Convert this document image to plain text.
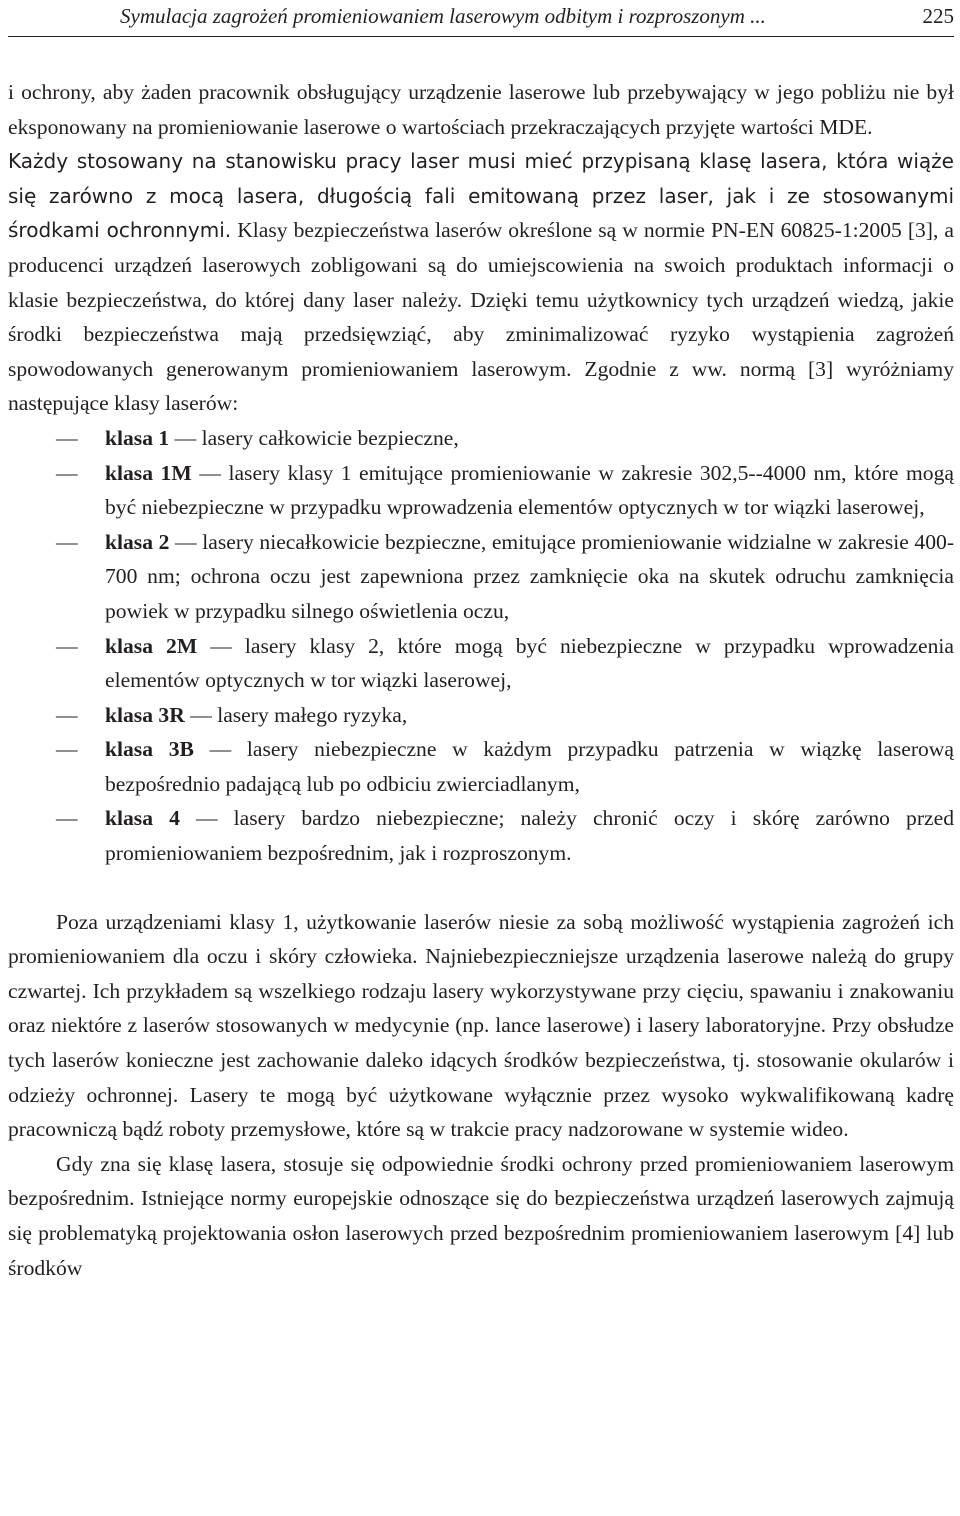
Symulacja zagrożeń promieniowaniem laserowym odbitym i rozproszonym ...	225

i ochrony, aby żaden pracownik obsługujący urządzenie laserowe lub przebywający w jego pobliżu nie był eksponowany na promieniowanie laserowe o wartościach przekraczających przyjęte wartości MDE.
Każdy stosowany na stanowisku pracy laser musi mieć przypisaną klasę lasera, która wiąże się zarówno z mocą lasera, długością fali emitowaną przez laser, jak i ze stosowanymi środkami ochronnymi. Klasy bezpieczeństwa laserów określone są w normie PN-EN 60825-1:2005 [3], a producenci urządzeń laserowych zobligowani są do umiejscowienia na swoich produktach informacji o klasie bezpieczeństwa, do której dany laser należy. Dzięki temu użytkownicy tych urządzeń wiedzą, jakie środki bezpieczeństwa mają przedsięwziąć, aby zminimalizować ryzyko wystąpienia zagrożeń spowodowanych generowanym promieniowaniem laserowym. Zgodnie z ww. normą [3] wyróżniamy następujące klasy laserów:

— klasa 1 — lasery całkowicie bezpieczne,
— klasa 1M — lasery klasy 1 emitujące promieniowanie w zakresie 302,5--4000 nm, które mogą być niebezpieczne w przypadku wprowadzenia elementów optycznych w tor wiązki laserowej,
— klasa 2 — lasery niecałkowicie bezpieczne, emitujące promieniowanie widzialne w zakresie 400-700 nm; ochrona oczu jest zapewniona przez zamknięcie oka na skutek odruchu zamknięcia powiek w przypadku silnego oświetlenia oczu,
— klasa 2M — lasery klasy 2, które mogą być niebezpieczne w przypadku wprowadzenia elementów optycznych w tor wiązki laserowej,
— klasa 3R — lasery małego ryzyka,
— klasa 3B — lasery niebezpieczne w każdym przypadku patrzenia w wiązkę laserową bezpośrednio padającą lub po odbiciu zwierciadlanym,
— klasa 4 — lasery bardzo niebezpieczne; należy chronić oczy i skórę zarówno przed promieniowaniem bezpośrednim, jak i rozproszonym.

Poza urządzeniami klasy 1, użytkowanie laserów niesie za sobą możliwość wystąpienia zagrożeń ich promieniowaniem dla oczu i skóry człowieka. Najniebezpieczniejsze urządzenia laserowe należą do grupy czwartej. Ich przykładem są wszelkiego rodzaju lasery wykorzystywane przy cięciu, spawaniu i znakowaniu oraz niektóre z laserów stosowanych w medycynie (np. lance laserowe) i lasery laboratoryjne. Przy obsłudze tych laserów konieczne jest zachowanie daleko idących środków bezpieczeństwa, tj. stosowanie okularów i odzieży ochronnej. Lasery te mogą być użytkowane wyłącznie przez wysoko wykwalifikowaną kadrę pracowniczą bądź roboty przemysłowe, które są w trakcie pracy nadzorowane w systemie wideo.

Gdy zna się klasę lasera, stosuje się odpowiednie środki ochrony przed promieniowaniem laserowym bezpośrednim. Istniejące normy europejskie odnoszące się do bezpieczeństwa urządzeń laserowych zajmują się problematyką projektowania osłon laserowych przed bezpośrednim promieniowaniem laserowym [4] lub środków
